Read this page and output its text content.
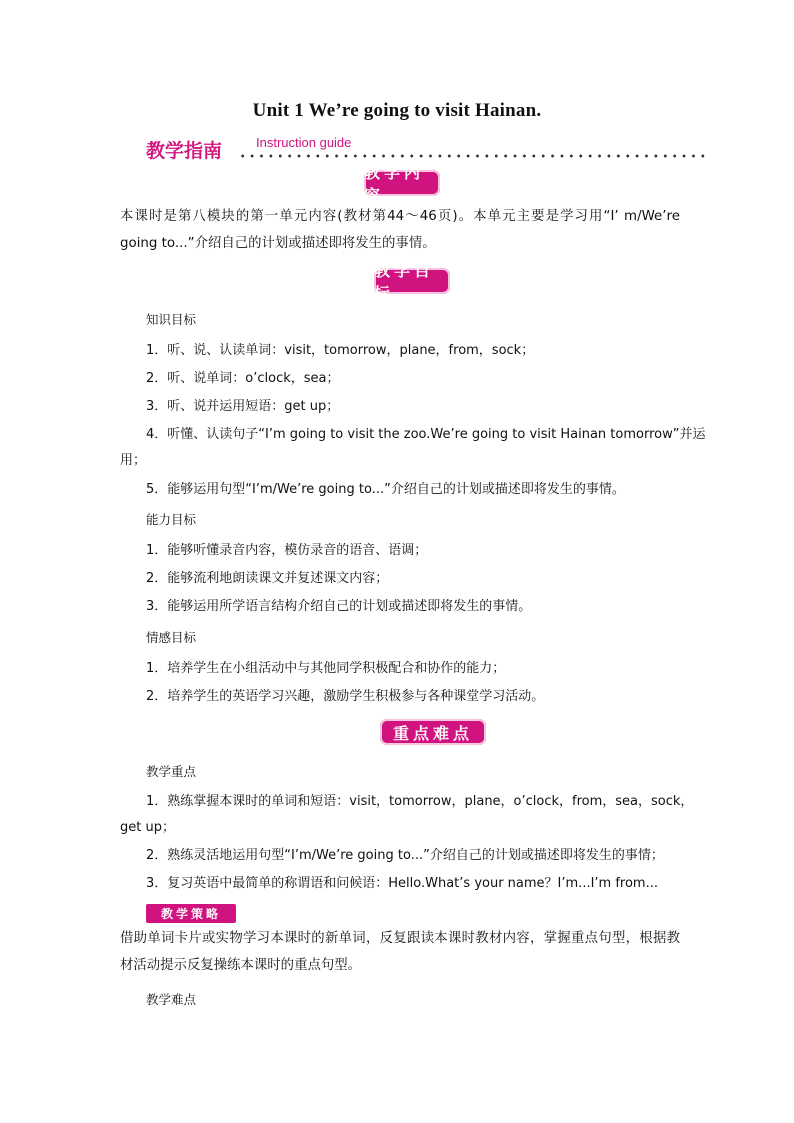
Unit 1 We’re going to visit Hainan.
教学指南	Instruction guide
教学内容
本课时是第八模块的第一单元内容(教材第44～46页)。本单元主要是学习用“I’ m/We’re going to...”介绍自己的计划或描述即将发生的事情。
教学目标
知识目标
1．听、说、认读单词：visit，tomorrow，plane，from，sock；
2．听、说单词：o’clock，sea；
3．听、说并运用短语：get up；
4．听懂、认读句子“I’m going to visit the zoo.We’re going to visit Hainan tomorrow”并运
用；
5．能够运用句型“I’m/We’re going to...”介绍自己的计划或描述即将发生的事情。
能力目标
1．能够听懂录音内容，模仿录音的语音、语调；
2．能够流利地朗读课文并复述课文内容；
3．能够运用所学语言结构介绍自己的计划或描述即将发生的事情。
情感目标
1．培养学生在小组活动中与其他同学积极配合和协作的能力；
2．培养学生的英语学习兴趣，激励学生积极参与各种课堂学习活动。
重点难点
教学重点
1．熟练掌握本课时的单词和短语：visit，tomorrow，plane，o’clock，from，sea，sock，
get up；
2．熟练灵活地运用句型“I’m/We’re going to...”介绍自己的计划或描述即将发生的事情；
3．复习英语中最简单的称谓语和问候语：Hello.What’s your name？I’m...I’m from...
教学策略
借助单词卡片或实物学习本课时的新单词，反复跟读本课时教材内容，掌握重点句型，根据教材活动提示反复操练本课时的重点句型。
教学难点
